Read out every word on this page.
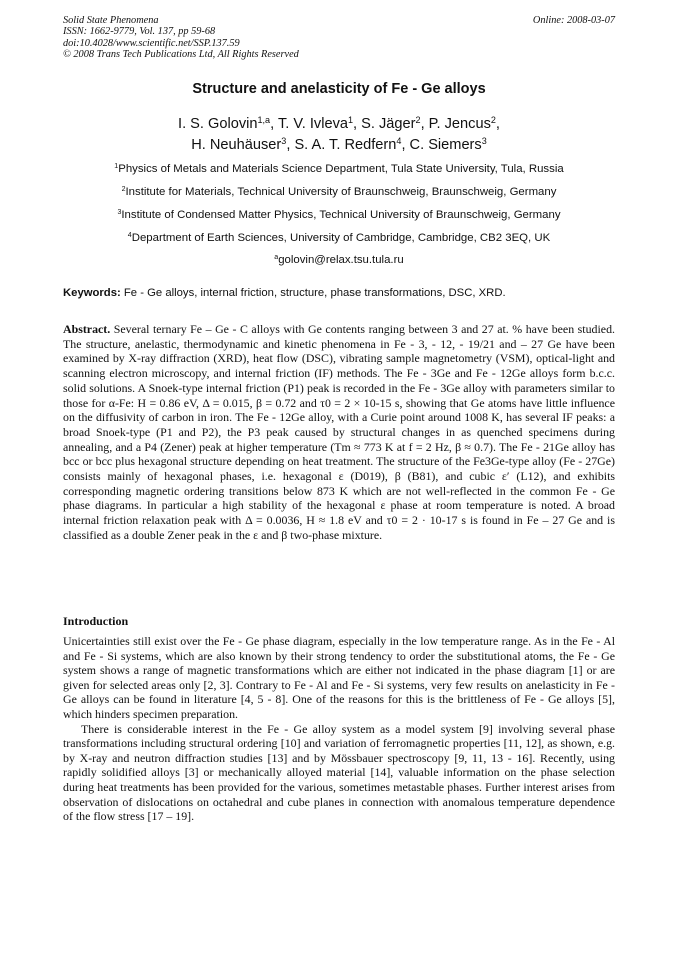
Solid State Phenomena
ISSN: 1662-9779, Vol. 137, pp 59-68
doi:10.4028/www.scientific.net/SSP.137.59
© 2008 Trans Tech Publications Ltd, All Rights Reserved
Online: 2008-03-07
Structure and anelasticity of Fe - Ge alloys
I. S. Golovin$^{1,a}$, T. V. Ivleva$^1$, S. Jäger$^2$, P. Jencus$^2$,
H. Neuhäuser$^3$, S. A. T. Redfern$^4$, C. Siemers$^3$
$^1$Physics of Metals and Materials Science Department, Tula State University, Tula, Russia
$^2$Institute for Materials, Technical University of Braunschweig, Braunschweig, Germany
$^3$Institute of Condensed Matter Physics, Technical University of Braunschweig, Germany
$^4$Department of Earth Sciences, University of Cambridge, Cambridge, CB2 3EQ, UK
$^a$golovin@relax.tsu.tula.ru
Keywords: Fe - Ge alloys, internal friction, structure, phase transformations, DSC, XRD.
Abstract. Several ternary Fe – Ge - C alloys with Ge contents ranging between 3 and 27 at. % have been studied. The structure, anelastic, thermodynamic and kinetic phenomena in Fe - 3, - 12, - 19/21 and – 27 Ge have been examined by X-ray diffraction (XRD), heat flow (DSC), vibrating sample magnetometry (VSM), optical-light and scanning electron microscopy, and internal friction (IF) methods. The Fe - 3Ge and Fe - 12Ge alloys form b.c.c. solid solutions. A Snoek-type internal friction (P1) peak is recorded in the Fe - 3Ge alloy with parameters similar to those for α-Fe: H = 0.86 eV, Δ = 0.015, β = 0.72 and τ0 = 2 × 10-15 s, showing that Ge atoms have little influence on the diffusivity of carbon in iron. The Fe - 12Ge alloy, with a Curie point around 1008 K, has several IF peaks: a broad Snoek-type (P1 and P2), the P3 peak caused by structural changes in as quenched specimens during annealing, and a P4 (Zener) peak at higher temperature (Tm ≈ 773 K at f = 2 Hz, β ≈ 0.7). The Fe - 21Ge alloy has bcc or bcc plus hexagonal structure depending on heat treatment. The structure of the Fe3Ge-type alloy (Fe - 27Ge) consists mainly of hexagonal phases, i.e. hexagonal ε (D019), β (B81), and cubic ε′ (L12), and exhibits corresponding magnetic ordering transitions below 873 K which are not well-reflected in the common Fe - Ge phase diagrams. In particular a high stability of the hexagonal ε phase at room temperature is noted. A broad internal friction relaxation peak with Δ = 0.0036, H ≈ 1.8 eV and τ0 = 2 · 10-17 s is found in Fe – 27 Ge and is classified as a double Zener peak in the ε and β two-phase mixture.
Introduction

Unicertainties still exist over the Fe - Ge phase diagram, especially in the low temperature range. As in the Fe - Al and Fe - Si systems, which are also known by their strong tendency to order the substitutional atoms, the Fe - Ge system shows a range of magnetic transformations which are either not indicated in the phase diagram [1] or are given for selected areas only [2, 3]. Contrary to Fe - Al and Fe - Si systems, very few results on anelasticity in Fe - Ge alloys can be found in literature [4, 5 - 8]. One of the reasons for this is the brittleness of Fe - Ge alloys [5], which hinders specimen preparation.

There is considerable interest in the Fe - Ge alloy system as a model system [9] involving several phase transformations including structural ordering [10] and variation of ferromagnetic properties [11, 12], as shown, e.g. by X-ray and neutron diffraction studies [13] and by Mössbauer spectroscopy [9, 11, 13 - 16]. Recently, using rapidly solidified alloys [3] or mechanically alloyed material [14], valuable information on the phase selection during heat treatments has been provided for the various, sometimes metastable phases. Further interest arises from observation of dislocations on octahedral and cube planes in connection with anomalous temperature dependence of the flow stress [17 – 19].
